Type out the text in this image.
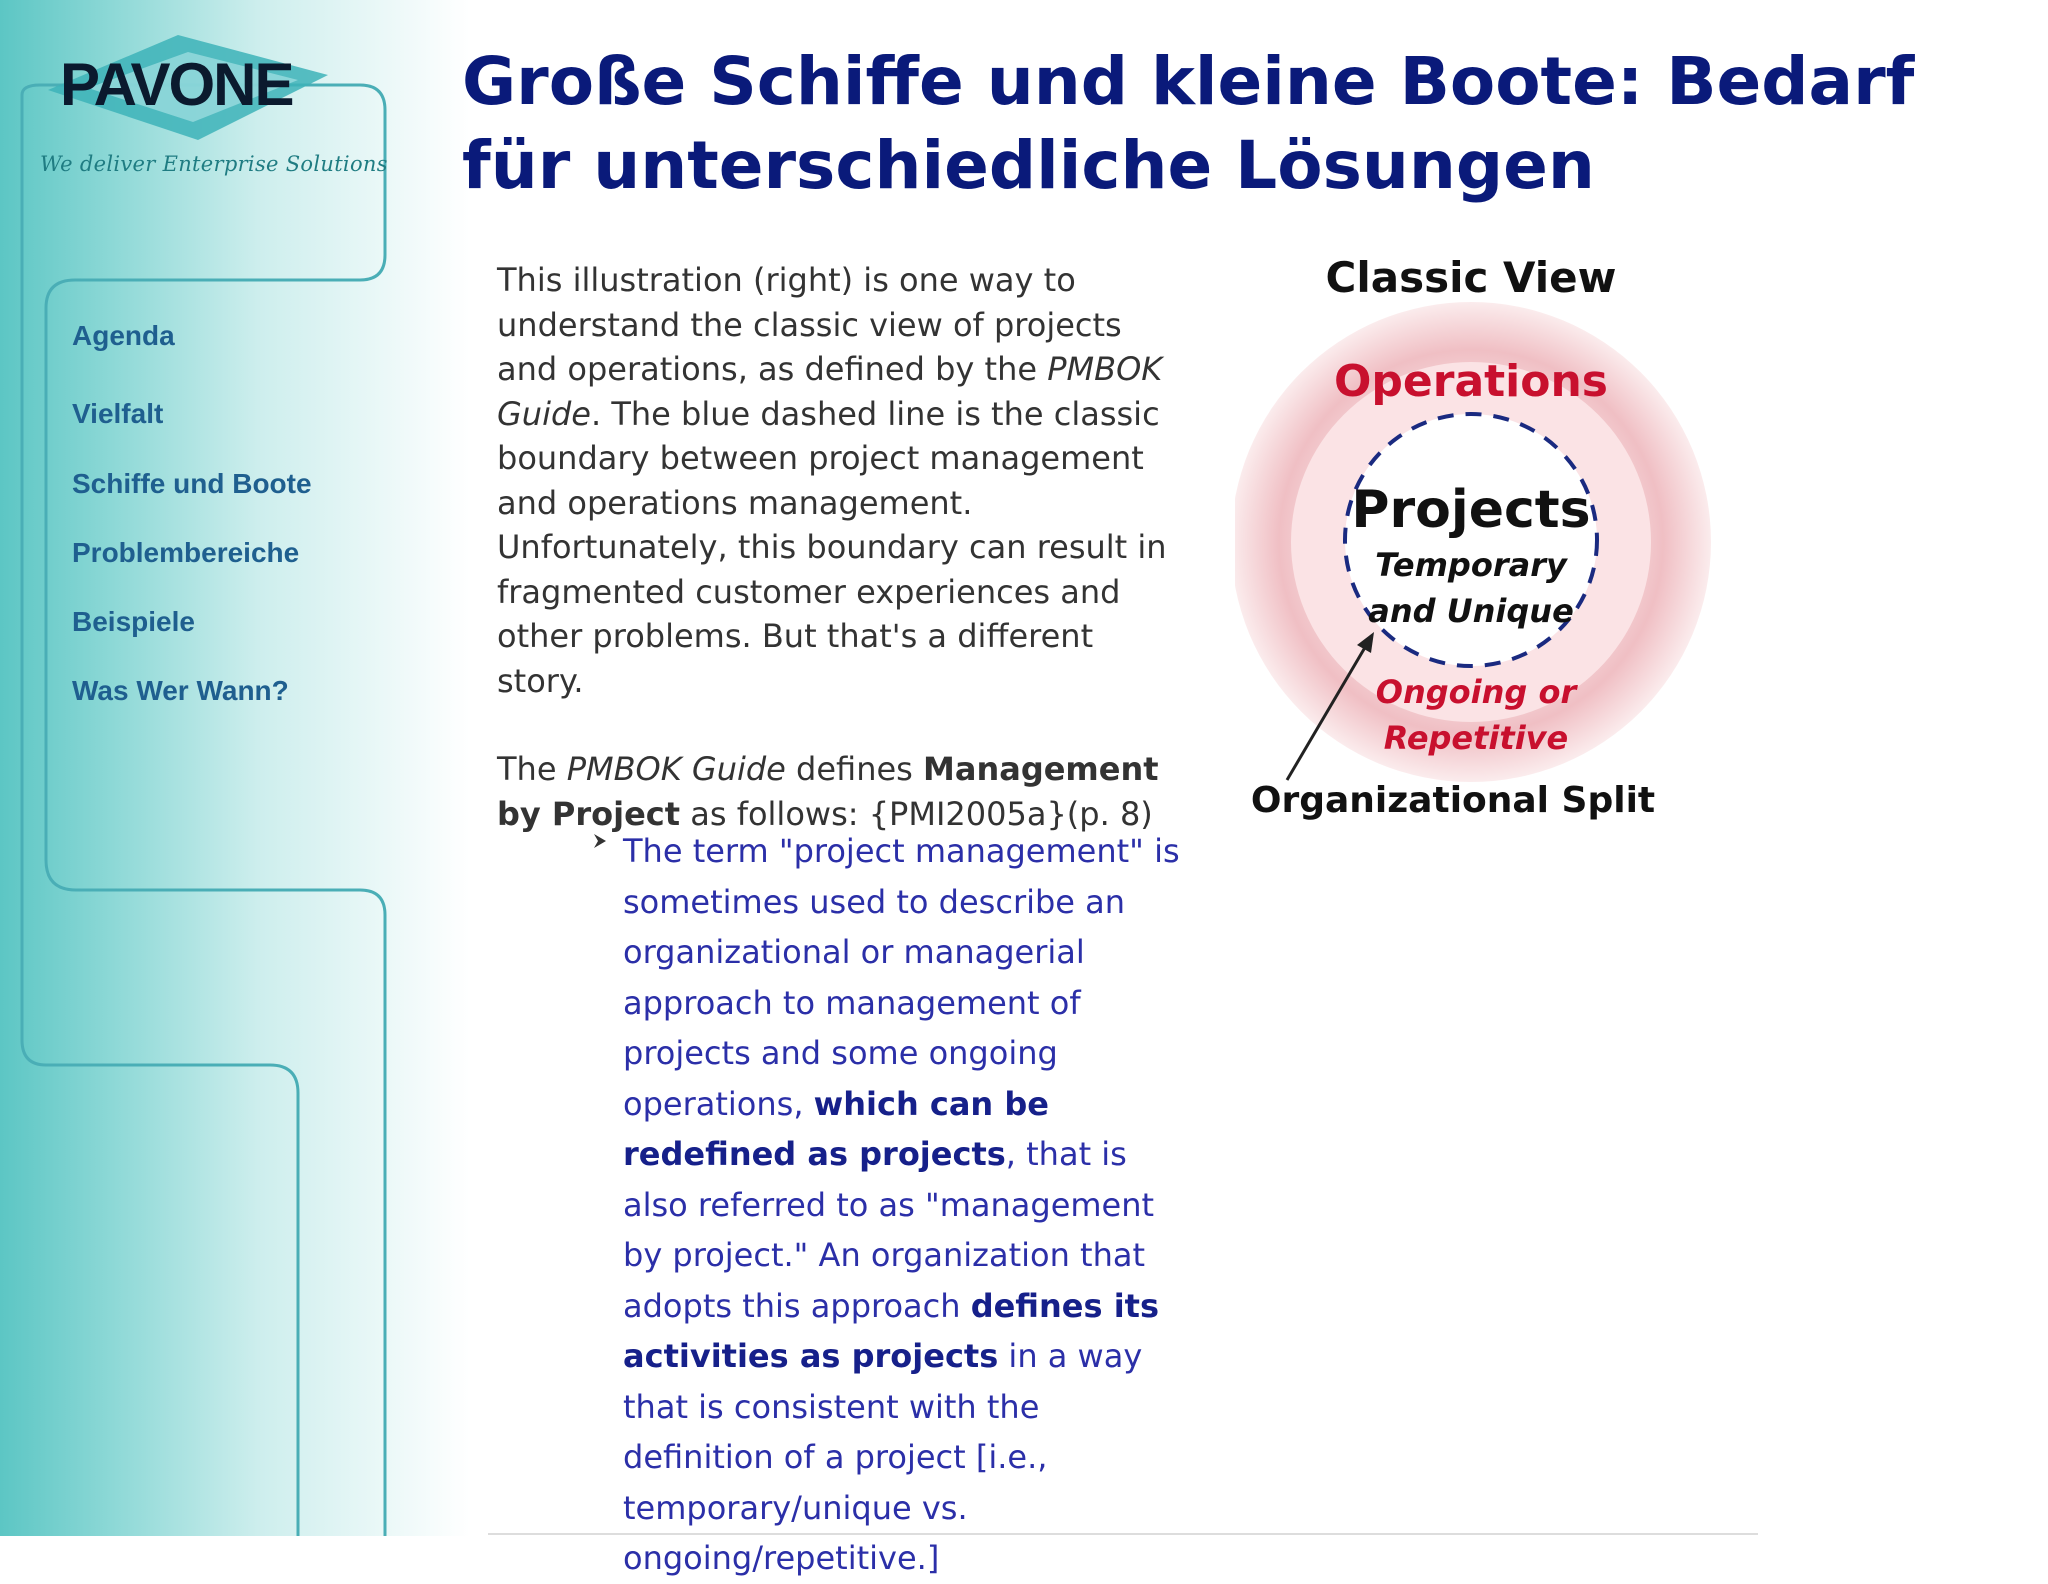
PAVONE
We deliver Enterprise Solutions
Agenda
Vielfalt
Schiffe und Boote
Problembereiche
Beispiele
Was Wer Wann?
Große Schiffe und kleine Boote: Bedarf
für unterschiedliche Lösungen

This illustration (right) is one way to understand the classic view of projects and operations, as defined by the PMBOK Guide. The blue dashed line is the classic boundary between project management and operations management. Unfortunately, this boundary can result in fragmented customer experiences and other problems. But that's a different story.

The PMBOK Guide defines Management by Project as follows: {PMI2005a}(p. 8)

The term "project management" is sometimes used to describe an organizational or managerial approach to management of projects and some ongoing operations, which can be redefined as projects, that is also referred to as "management by project." An organization that adopts this approach defines its activities as projects in a way that is consistent with the definition of a project [i.e., temporary/unique vs. ongoing/repetitive.]
Classic View
Operations
Projects
Temporary
and Unique
Ongoing or
Repetitive
Organizational Split
